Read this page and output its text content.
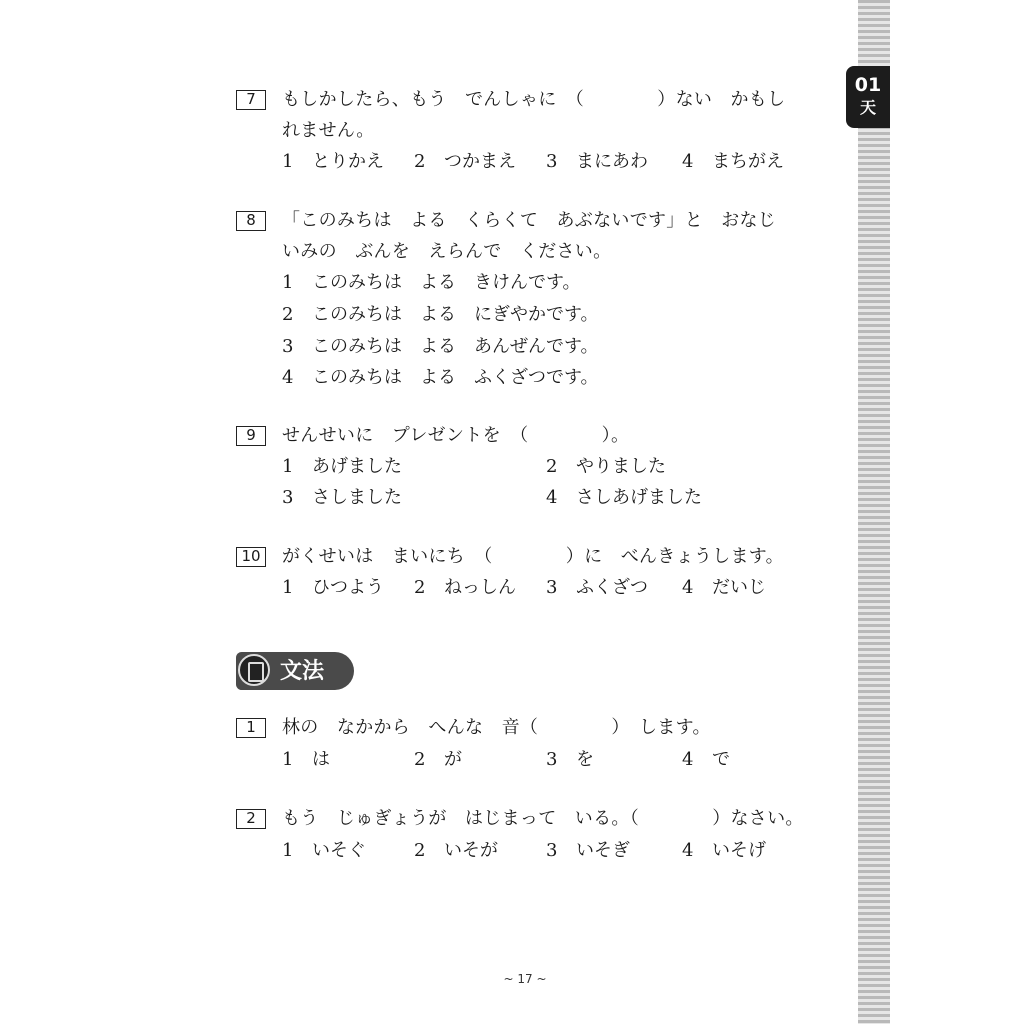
01
天
7	もしかしたら、もう　でんしゃに　（　　　　）ない　かもし
れません。
1 とりかえ 2 つかまえ 3 まにあわ 4 まちがえ
8	「このみちは　よる　くらくて　あぶないです」と　おなじ
いみの　ぶんを　えらんで　ください。
1 このみちは　よる　きけんです。
2 このみちは　よる　にぎやかです。
3 このみちは　よる　あんぜんです。
4 このみちは　よる　ふくざつです。
9	せんせいに　プレゼントを　（　　　　）。
1 あげました	2 やりました
3 さしました	4 さしあげました
10	がくせいは　まいにち　（　　　　）に　べんきょうします。
1 ひつよう 2 ねっしん 3 ふくざつ 4 だいじ
文法
1	林の　なかから　へんな　音（　　　　）　します。
1 は	2 が	3 を	4 で
2	もう　じゅぎょうが　はじまって　いる。（　　　　）なさい。
1 いそぐ	2 いそが	3 いそぎ	4 いそげ
~ 17 ~
